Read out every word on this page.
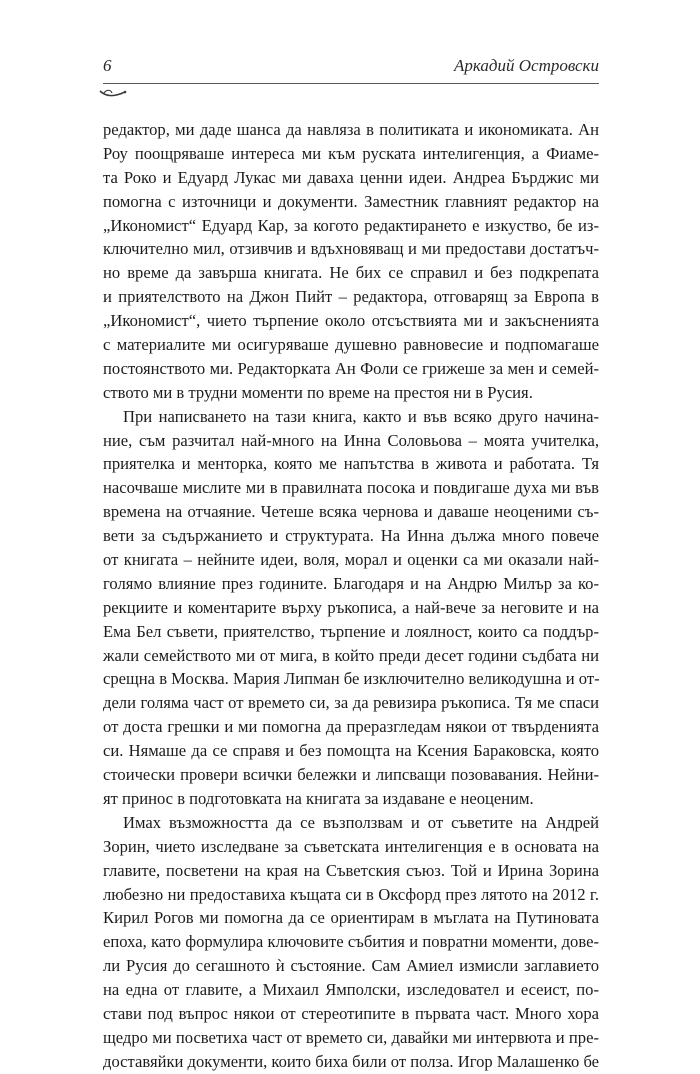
6	Аркадий Островски
редактор, ми даде шанса да навляза в политиката и икономиката. Ан
Роу поощряваше интереса ми към руската интелигенция, а Фиаме-
та Роко и Едуард Лукас ми даваха ценни идеи. Андреа Бърджис ми
помогна с източници и документи. Заместник главният редактор на
„Икономист“ Едуард Кар, за когото редактирането е изкуство, бе из-
ключително мил, отзивчив и вдъхновяващ и ми предостави достатъч-
но време да завърша книгата. Не бих се справил и без подкрепата
и приятелството на Джон Пийт – редактора, отговарящ за Европа в
„Икономист“, чието търпение около отсъствията ми и закъсненията
с материалите ми осигуряваше душевно равновесие и подпомагаше
постоянството ми. Редакторката Ан Фоли се грижеше за мен и семей-
ството ми в трудни моменти по време на престоя ни в Русия.
При написването на тази книга, както и във всяко друго начина-
ние, съм разчитал най-много на Инна Соловьова – моята учителка,
приятелка и менторка, която ме напътства в живота и работата. Тя
насочваше мислите ми в правилната посока и повдигаше духа ми във
времена на отчаяние. Четеше всяка чернова и даваше неоценими съ-
вети за съдържанието и структурата. На Инна дължа много повече
от книгата – нейните идеи, воля, морал и оценки са ми оказали най-
голямо влияние през годините. Благодаря и на Андрю Милър за ко-
рекциите и коментарите върху ръкописа, а най-вече за неговите и на
Ема Бел съвети, приятелство, търпение и лоялност, които са поддър-
жали семейството ми от мига, в който преди десет години съдбата ни
срещна в Москва. Мария Липман бе изключително великодушна и от-
дели голяма част от времето си, за да ревизира ръкописа. Тя ме спаси
от доста грешки и ми помогна да преразгледам някои от твърденията
си. Нямаше да се справя и без помощта на Ксения Бараковска, която
стоически провери всички бележки и липсващи позовавания. Нейни-
ят принос в подготовката на книгата за издаване е неоценим.
Имах възможността да се възползвам и от съветите на Андрей
Зорин, чието изследване за съветската интелигенция е в основата на
главите, посветени на края на Съветския съюз. Той и Ирина Зорина
любезно ни предоставиха къщата си в Оксфорд през лятото на 2012 г.
Кирил Рогов ми помогна да се ориентирам в мъглата на Путиновата
епоха, като формулира ключовите събития и повратни моменти, дове-
ли Русия до сегашното ѝ състояние. Сам Амиел измисли заглавието
на една от главите, а Михаил Ямполски, изследовател и есеист, по-
стави под въпрос някои от стереотипите в първата част. Много хора
щедро ми посветиха част от времето си, давайки ми интервюта и пре-
доставяйки документи, които биха били от полза. Игор Малашенко бе
